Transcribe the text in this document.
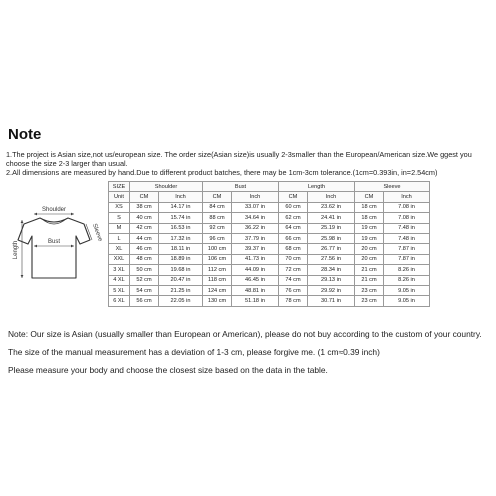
Note
1.The project is Asian size,not us/european size. The order size(Asian size)is usually 2-3smaller than the European/American size.We ggest you choose the size 2-3 larger than usual.
2.All dimensions are measured by hand.Due to different product batches, there may be 1cm-3cm tolerance.(1cm=0.393in, in=2.54cm)
Shoulder
Bust
Length
Sleeve
SIZE	Shoulder		Bust		Length		Sleeve	
Unit	CM	Inch	CM	Inch	CM	Inch	CM	Inch
XS	38 cm	14.17 in	84 cm	33.07 in	60 cm	23.62 in	18 cm	7.08 in
S	40 cm	15.74 in	88 cm	34.64 in	62 cm	24.41 in	18 cm	7.08 in
M	42 cm	16.53 in	92 cm	36.22 in	64 cm	25.19 in	19 cm	7.48 in
L	44 cm	17.32 in	96 cm	37.79 in	66 cm	25.98 in	19 cm	7.48 in
XL	46 cm	18.11 in	100 cm	39.37 in	68 cm	26.77 in	20 cm	7.87 in
XXL	48 cm	18.89 in	106 cm	41.73 in	70 cm	27.56 in	20 cm	7.87 in
3 XL	50 cm	19.68 in	112 cm	44.09 in	72 cm	28.34 in	21 cm	8.26 in
4 XL	52 cm	20.47 in	118 cm	46.45 in	74 cm	29.13 in	21 cm	8.26 in
5 XL	54 cm	21.25 in	124 cm	48.81 in	76 cm	29.92 in	23 cm	9.05 in
6 XL	56 cm	22.05 in	130 cm	51.18 in	78 cm	30.71 in	23 cm	9.05 in
Note: Our size is Asian (usually smaller than European or American), please do not buy according to the custom of your country.
The size of the manual measurement has a deviation of 1-3 cm, please forgive me. (1 cm≈0.39 inch)
Please measure your body and choose the closest size based on the data in the table.
